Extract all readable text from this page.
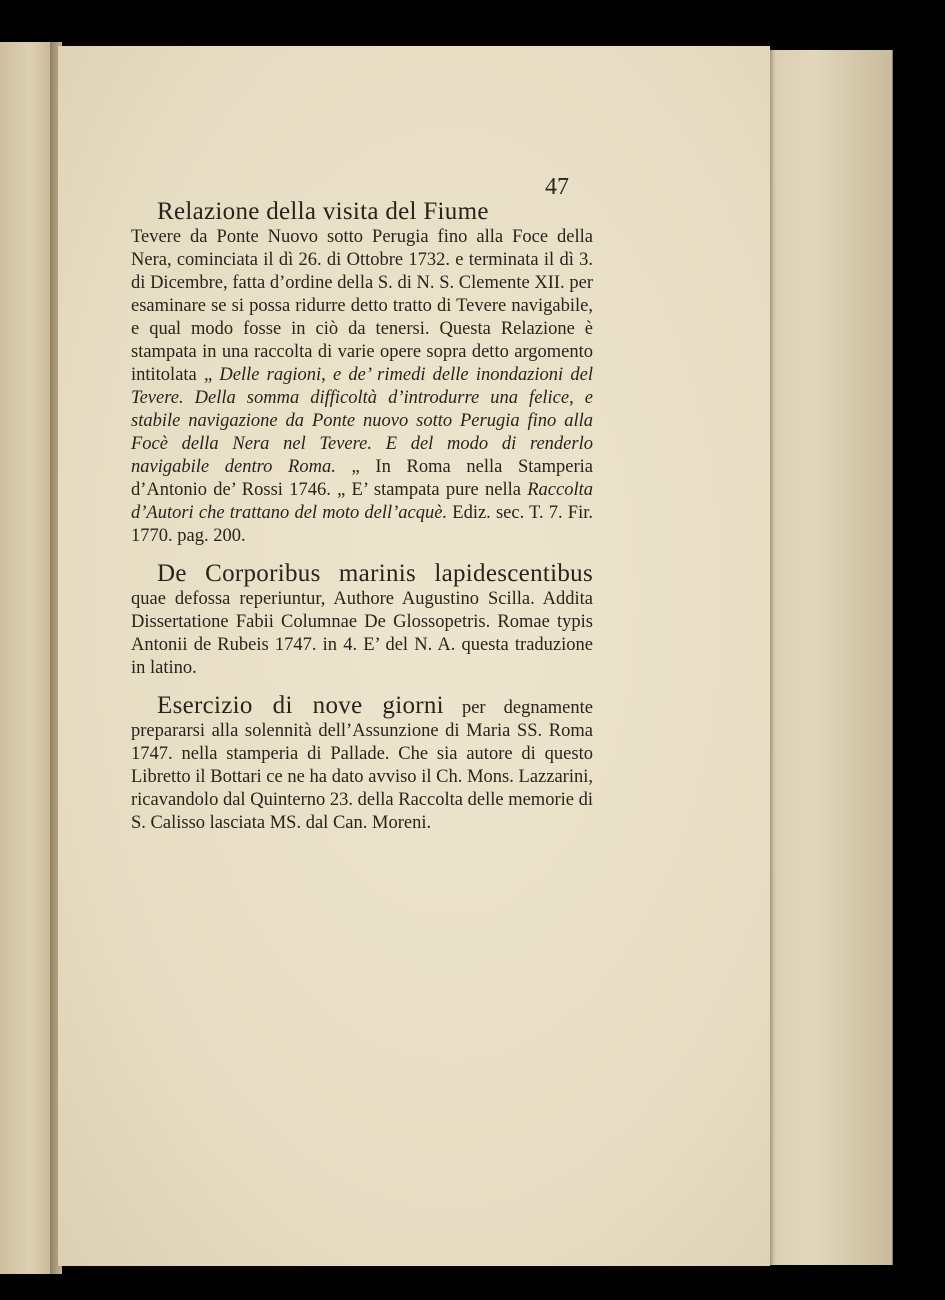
47

Relazione della visita del Fiume
Tevere da Ponte Nuovo sotto Perugia fino alla Foce della Nera, cominciata il dì 26. di Ottobre 1732. e terminata il dì 3. di Dicembre, fatta d’ordine della S. di N. S. Clemente XII. per esaminare se si possa ridurre detto tratto di Tevere navigabile, e qual modo fosse in ciò da tenersi. Questa Relazione è stampata in una raccolta di varie opere sopra detto argomento intitolata „ Delle ragioni, e de’ rimedi delle inondazioni del Tevere. Della somma difficoltà d’introdurre una felice, e stabile navigazione da Ponte nuovo sotto Perugia fino alla Focè della Nera nel Tevere. E del modo di renderlo navigabile dentro Roma. „ In Roma nella Stamperia d’Antonio de’ Rossi 1746. „ E’ stampata pure nella Raccolta d’Autori che trattano del moto dell’acquè. Ediz. sec. T. 7. Fir. 1770. pag. 200.

De Corporibus marinis lapidescentibus quae defossa reperiuntur, Authore Augustino Scilla. Addita Dissertatione Fabii Columnae De Glossopetris. Romae typis Antonii de Rubeis 1747. in 4. E’ del N. A. questa traduzione in latino.

Esercizio di nove giorni per degnamente prepararsi alla solennità dell’Assunzione di Maria SS. Roma 1747. nella stamperia di Pallade. Che sia autore di questo Libretto il Bottari ce ne ha dato avviso il Ch. Mons. Lazzarini, ricavandolo dal Quinterno 23. della Raccolta delle memorie di S. Calisso lasciata MS. dal Can. Moreni.
